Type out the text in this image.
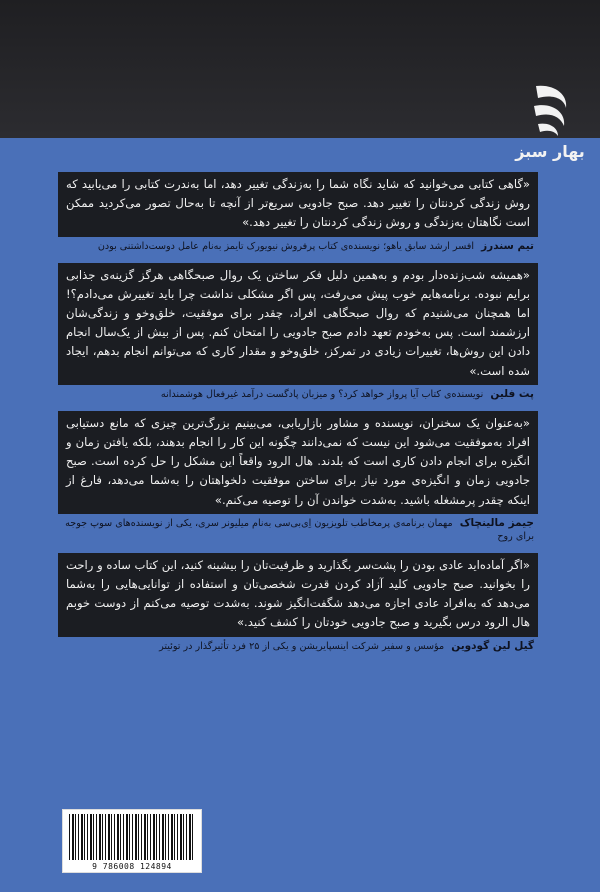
بهار سبز

«گاهی کتابی می‌خوانید که شاید نگاه شما را به‌زندگی تغییر دهد، اما به‌ندرت کتابی را می‌یابید که روش زندگی کردنتان را تغییر دهد. صبح جادویی سریع‌تر از آنچه تا به‌حال تصور می‌کردید ممکن است نگاهتان به‌زندگی و روش زندگی کردنتان را تغییر دهد.»

تیم سندرز افسر ارشد سابق یاهو؛ نویسنده‌ی کتاب پرفروش نیویورک تایمز به‌نام عامل دوست‌داشتنی بودن

«همیشه شب‌زنده‌دار بودم و به‌همین دلیل فکر ساختن یک روال صبحگاهی هرگز گزینه‌ی جذابی برایم نبوده. برنامه‌هایم خوب پیش می‌رفت، پس اگر مشکلی نداشت چرا باید تغییرش می‌دادم؟! اما همچنان می‌شنیدم که روال صبحگاهی افراد، چقدر برای موفقیت، خلق‌وخو و زندگی‌شان ارزشمند است. پس به‌خودم تعهد دادم صبح جادویی را امتحان کنم. پس از بیش از یک‌سال انجام دادن این روش‌ها، تغییرات زیادی در تمرکز، خلق‌وخو و مقدار کاری که می‌توانم انجام بدهم، ایجاد شده است.»

پت فلین نویسنده‌ی کتاب آیا پرواز خواهد کرد؟ و میزبان پادگست درآمد غیرفعال هوشمندانه

«به‌عنوان یک سخنران، نویسنده و مشاور بازاریابی، می‌بینیم بزرگ‌ترین چیزی که مانع دستیابی افراد به‌موفقیت می‌شود این نیست که نمی‌دانند چگونه این کار را انجام بدهند، بلکه یافتن زمان و انگیزه برای انجام دادن کاری است که بلدند. هال الرود واقعاً این مشکل را حل کرده است. صبح جادویی زمان و انگیزه‌ی مورد نیاز برای ساختن موفقیت دلخواهتان را به‌شما می‌دهد، فارغ از اینکه چقدر پرمشغله باشید. به‌شدت خواندن آن را توصیه می‌کنم.»

جیمز مالینچاک مهمان برنامه‌ی پرمخاطب تلویزیون اِی‌بی‌سی به‌نام میلیونر سری، یکی از نویسنده‌های سوپ جوجه برای روح

«اگر آماده‌اید عادی بودن را پشت‌سر بگذارید و ظرفیت‌تان را بیشینه کنید، این کتاب ساده و راحت را بخوانید. صبح جادویی کلید آزاد کردن قدرت شخصی‌تان و استفاده از توانایی‌هایی را به‌شما می‌دهد که به‌افراد عادی اجازه می‌دهد شگفت‌انگیز شوند. به‌شدت توصیه می‌کنم از دوست خوبم هال الرود درس بگیرید و صبح جادویی خودتان را کشف کنید.»

گیل لین گودوین مؤسس و سفیر شرکت اینسپایریشن و یکی از ۲۵ فرد تأثیرگذار در توئیتر

9 786008 124894
